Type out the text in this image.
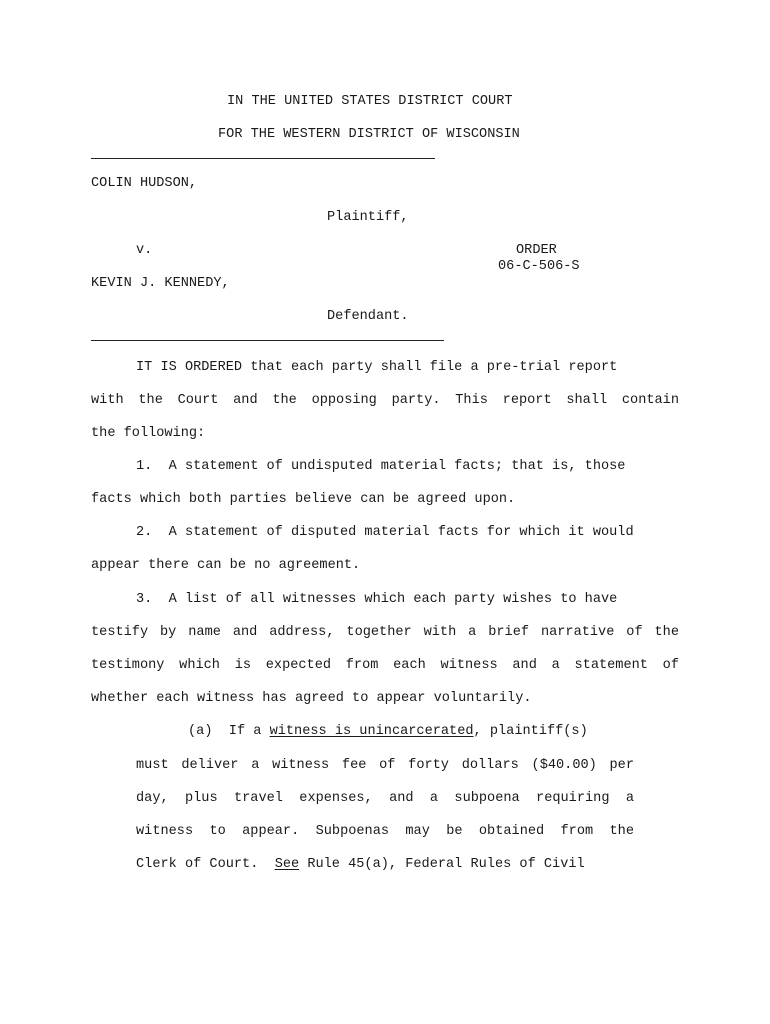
IN THE UNITED STATES DISTRICT COURT
FOR THE WESTERN DISTRICT OF WISCONSIN
COLIN HUDSON,
Plaintiff,
v.	ORDER
06-C-506-S
KEVIN J. KENNEDY,
Defendant.
IT IS ORDERED that each party shall file a pre-trial report
with the Court and the opposing party. This report shall contain
the following:
1.  A statement of undisputed material facts; that is, those
facts which both parties believe can be agreed upon.
2.  A statement of disputed material facts for which it would
appear there can be no agreement.
3.  A list of all witnesses which each party wishes to have
testify by name and address, together with a brief narrative of the
testimony which is expected from each witness and a statement of
whether each witness has agreed to appear voluntarily.
(a)  If a witness is unincarcerated, plaintiff(s)
must deliver a witness fee of forty dollars ($40.00) per
day, plus travel expenses, and a subpoena requiring a
witness to appear. Subpoenas may be obtained from the
Clerk of Court.  See Rule 45(a), Federal Rules of Civil
